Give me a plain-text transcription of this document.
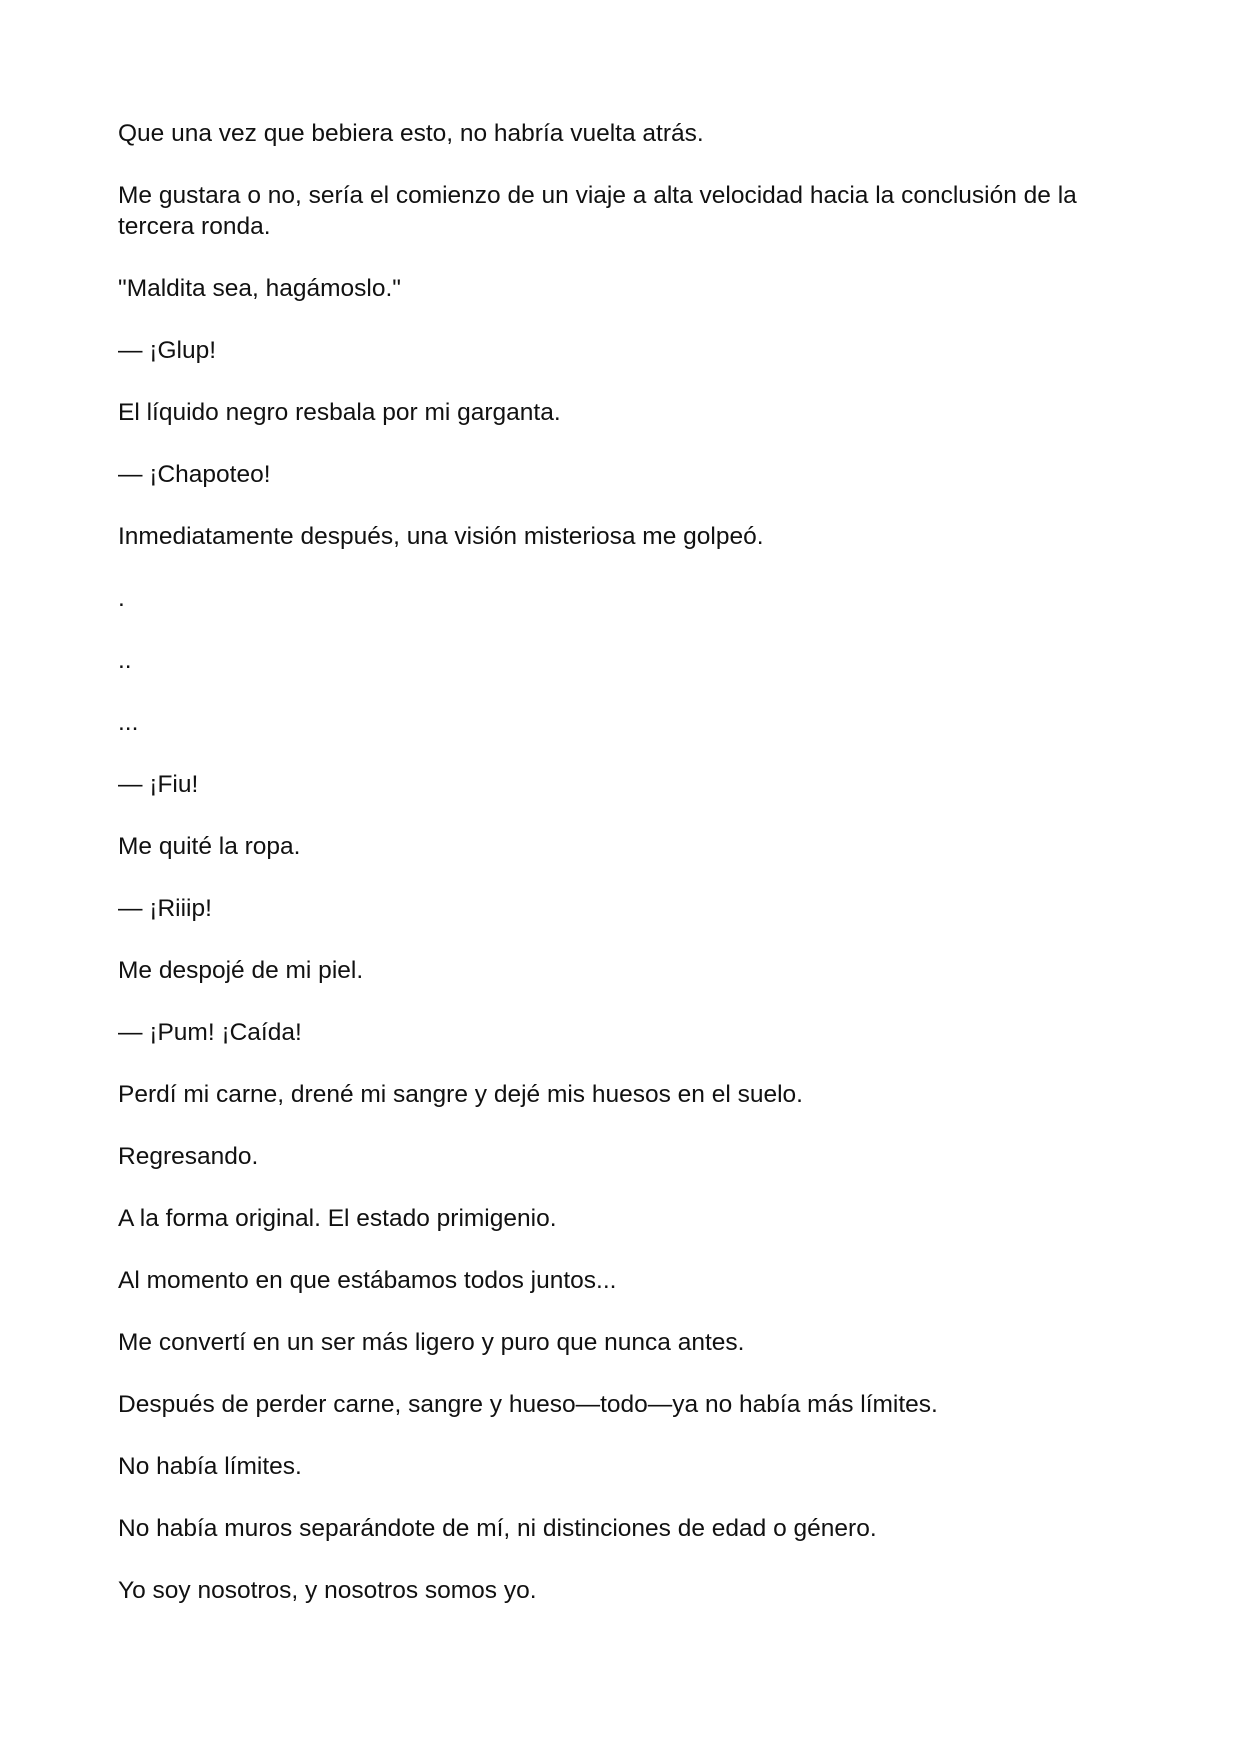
Que una vez que bebiera esto, no habría vuelta atrás.

Me gustara o no, sería el comienzo de un viaje a alta velocidad hacia la conclusión de la tercera ronda.

"Maldita sea, hagámoslo."

— ¡Glup!

El líquido negro resbala por mi garganta.

— ¡Chapoteo!

Inmediatamente después, una visión misteriosa me golpeó.

.

..

...

— ¡Fiu!

Me quité la ropa.

— ¡Riiip!

Me despojé de mi piel.

— ¡Pum! ¡Caída!

Perdí mi carne, drené mi sangre y dejé mis huesos en el suelo.

Regresando.

A la forma original. El estado primigenio.

Al momento en que estábamos todos juntos...

Me convertí en un ser más ligero y puro que nunca antes.

Después de perder carne, sangre y hueso—todo—ya no había más límites.

No había límites.

No había muros separándote de mí, ni distinciones de edad o género.

Yo soy nosotros, y nosotros somos yo.
